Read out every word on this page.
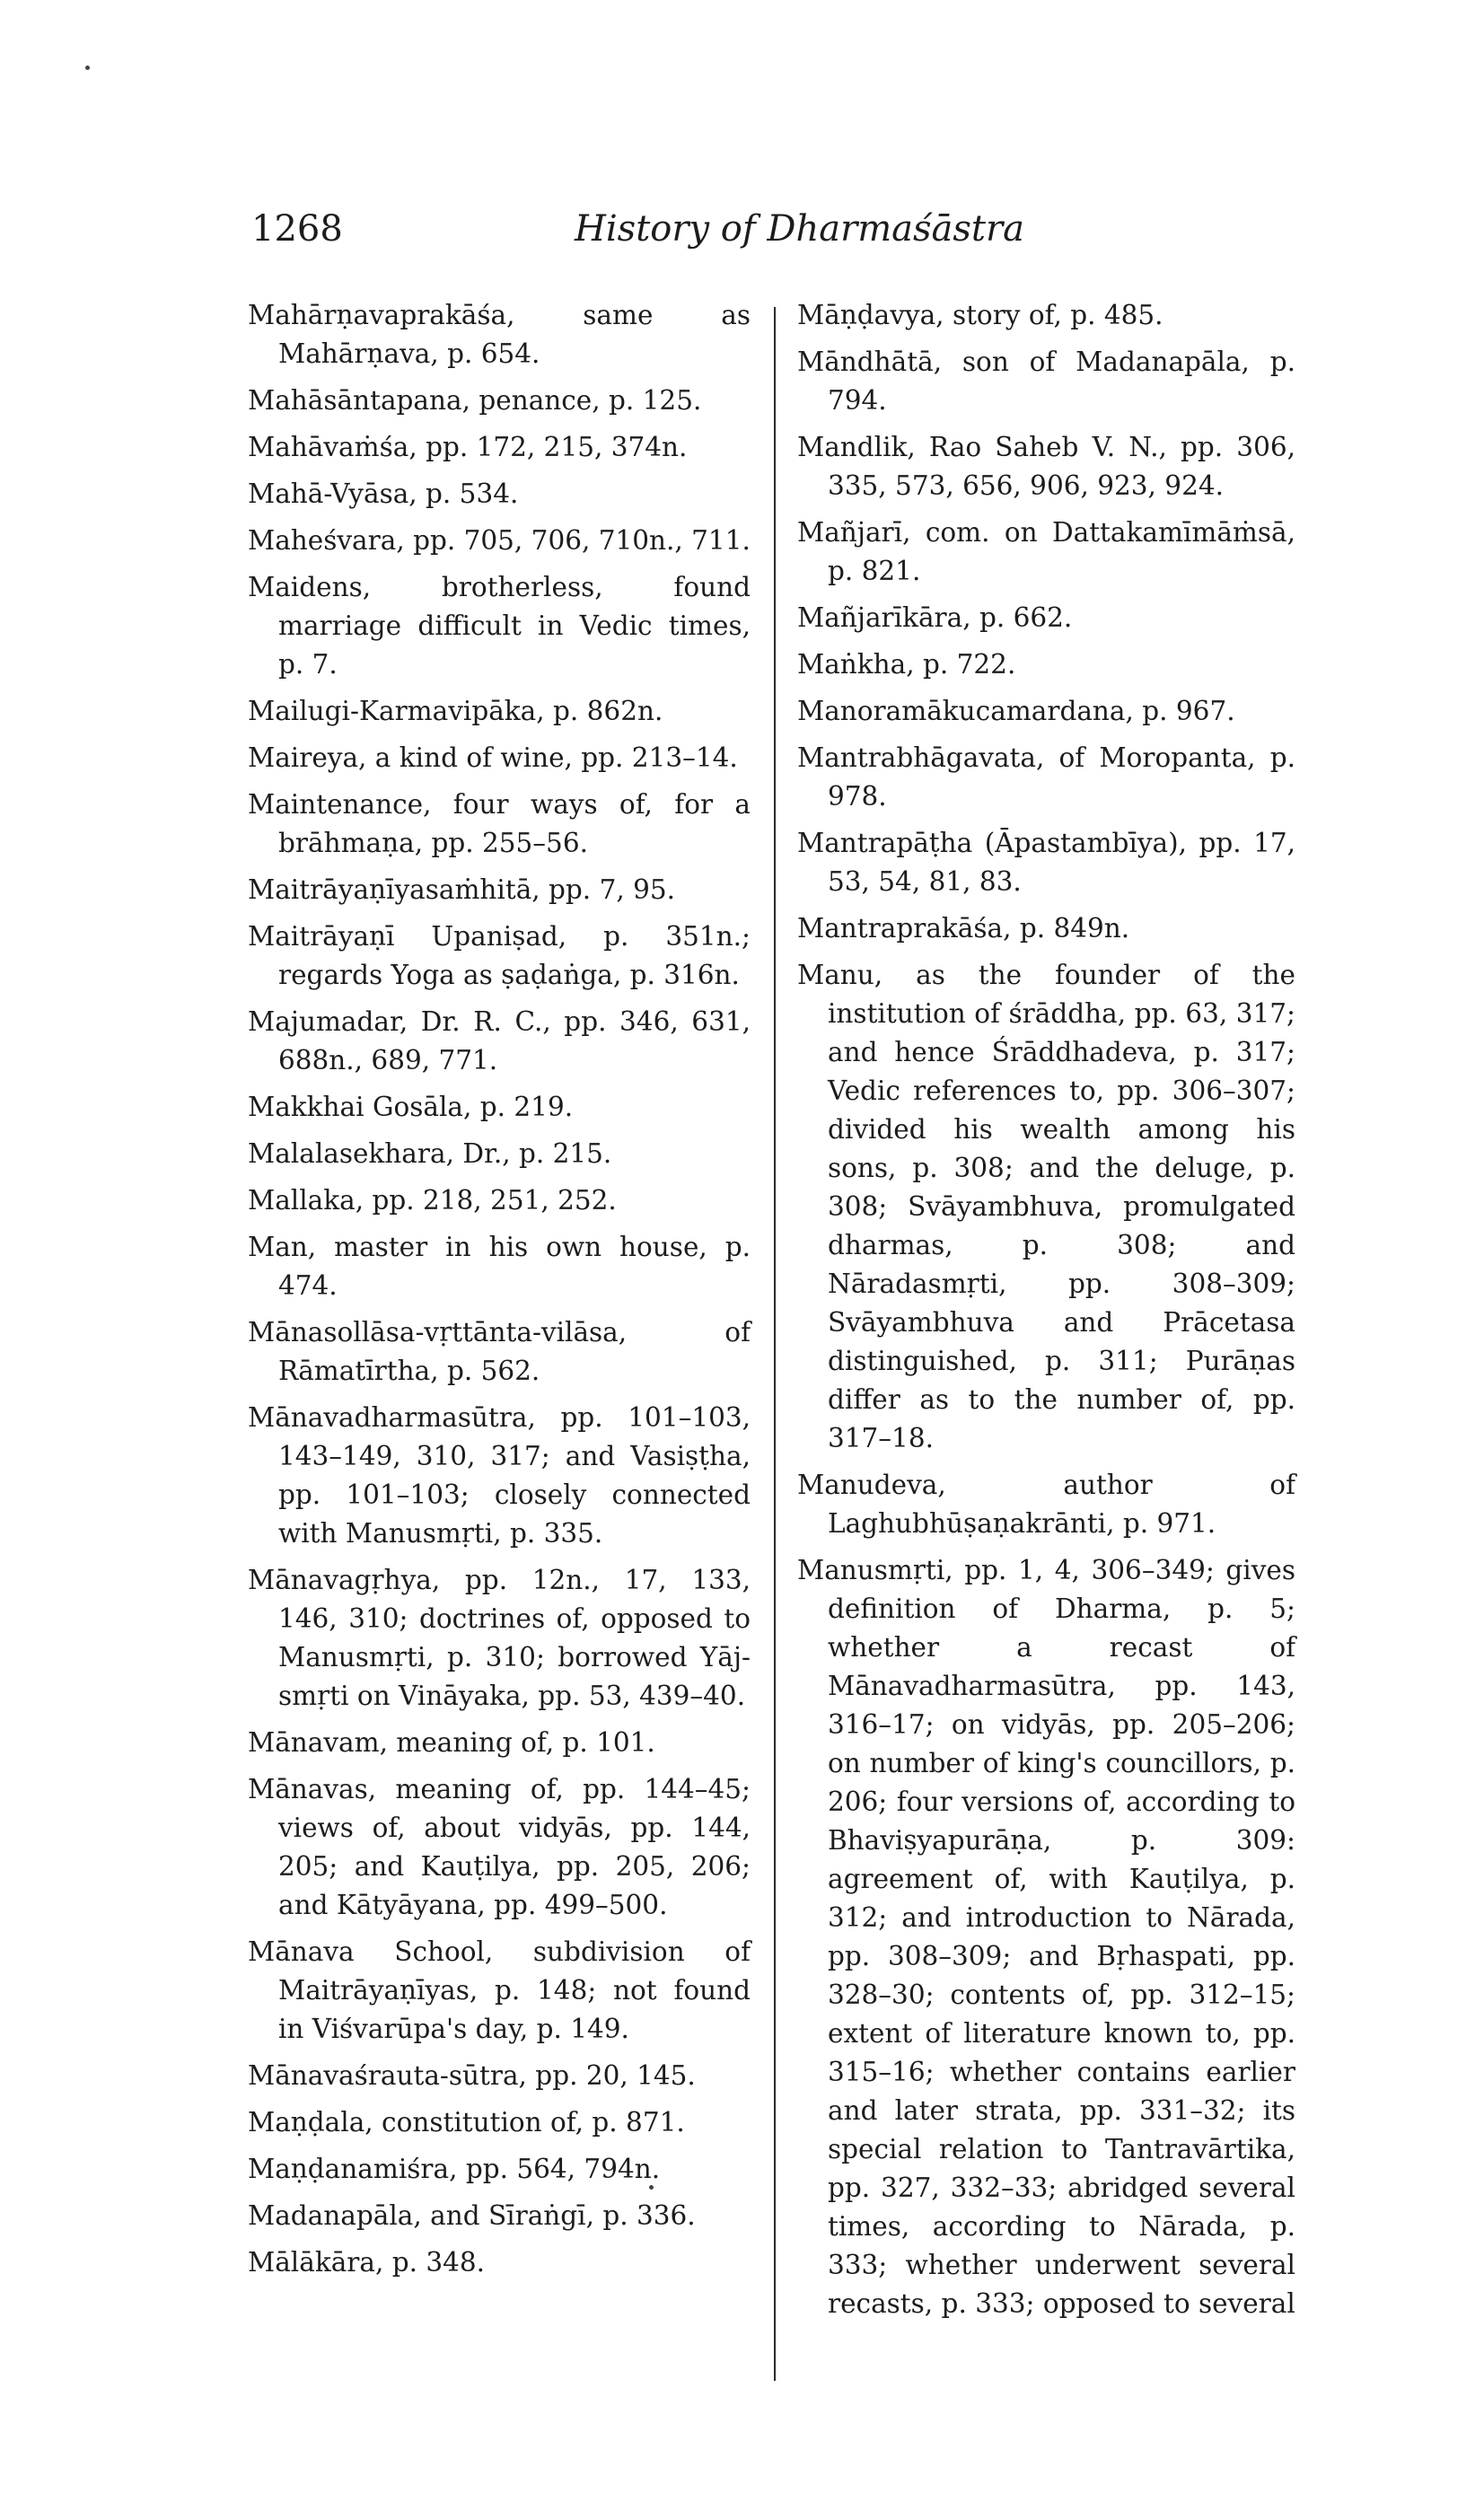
1268	History of Dharmaśāstra

Mahārṇavaprakāśa, same as Mahārṇava, p. 654.

Mahāsāntapana, penance, p. 125.

Mahāvaṁśa, pp. 172, 215, 374n.

Mahā-Vyāsa, p. 534.

Maheśvara, pp. 705, 706, 710n., 711.

Maidens, brotherless, found marriage difficult in Vedic times, p. 7.

Mailugi-Karmavipāka, p. 862n.

Maireya, a kind of wine, pp. 213–14.

Maintenance, four ways of, for a brāhmaṇa, pp. 255–56.

Maitrāyaṇīyasaṁhitā, pp. 7, 95.

Maitrāyaṇī Upaniṣad, p. 351n.; regards Yoga as ṣaḍaṅga, p. 316n.

Majumadar, Dr. R. C., pp. 346, 631, 688n., 689, 771.

Makkhai Gosāla, p. 219.

Malalasekhara, Dr., p. 215.

Mallaka, pp. 218, 251, 252.

Man, master in his own house, p. 474.

Mānasollāsa-vṛttānta-vilāsa, of Rāmatīrtha, p. 562.

Mānavadharmasūtra, pp. 101–103, 143–149, 310, 317; and Vasiṣṭha, pp. 101–103; closely connected with Manusmṛti, p. 335.

Mānavagṛhya, pp. 12n., 17, 133, 146, 310; doctrines of, opposed to Manusmṛti, p. 310; borrowed Yāj-smṛti on Vināyaka, pp. 53, 439–40.

Mānavam, meaning of, p. 101.

Mānavas, meaning of, pp. 144–45; views of, about vidyās, pp. 144, 205; and Kauṭilya, pp. 205, 206; and Kātyāyana, pp. 499–500.

Mānava School, subdivision of Maitrāyaṇīyas, p. 148; not found in Viśvarūpa's day, p. 149.

Mānavaśrauta-sūtra, pp. 20, 145.

Maṇḍala, constitution of, p. 871.

Maṇḍanamiśra, pp. 564, 794n.

Madanapāla, and Sīraṅgī, p. 336.

Mālākāra, p. 348.

Māṇḍavya, story of, p. 485.

Māndhātā, son of Madanapāla, p. 794.

Mandlik, Rao Saheb V. N., pp. 306, 335, 573, 656, 906, 923, 924.

Mañjarī, com. on Dattakamīmāṁsā, p. 821.

Mañjarīkāra, p. 662.

Maṅkha, p. 722.

Manoramākucamardana, p. 967.

Mantrabhāgavata, of Moropanta, p. 978.

Mantrapāṭha (Āpastambīya), pp. 17, 53, 54, 81, 83.

Mantraprakāśa, p. 849n.

Manu, as the founder of the institution of śrāddha, pp. 63, 317; and hence Śrāddhadeva, p. 317; Vedic references to, pp. 306–307; divided his wealth among his sons, p. 308; and the deluge, p. 308; Svāyambhuva, promulgated dharmas, p. 308; and Nāradasmṛti, pp. 308–309; Svāyambhuva and Prācetasa distinguished, p. 311; Purāṇas differ as to the number of, pp. 317–18.

Manudeva, author of Laghubhūṣaṇakrānti, p. 971.

Manusmṛti, pp. 1, 4, 306–349; gives definition of Dharma, p. 5; whether a recast of Mānavadharmasūtra, pp. 143, 316–17; on vidyās, pp. 205–206; on number of king's councillors, p. 206; four versions of, according to Bhaviṣyapurāṇa, p. 309: agreement of, with Kauṭilya, p. 312; and introduction to Nārada, pp. 308–309; and Bṛhaspati, pp. 328–30; contents of, pp. 312–15; extent of literature known to, pp. 315–16; whether contains earlier and later strata, pp. 331–32; its special relation to Tantravārtika, pp. 327, 332–33; abridged several times, according to Nārada, p. 333; whether underwent several recasts, p. 333; opposed to several
